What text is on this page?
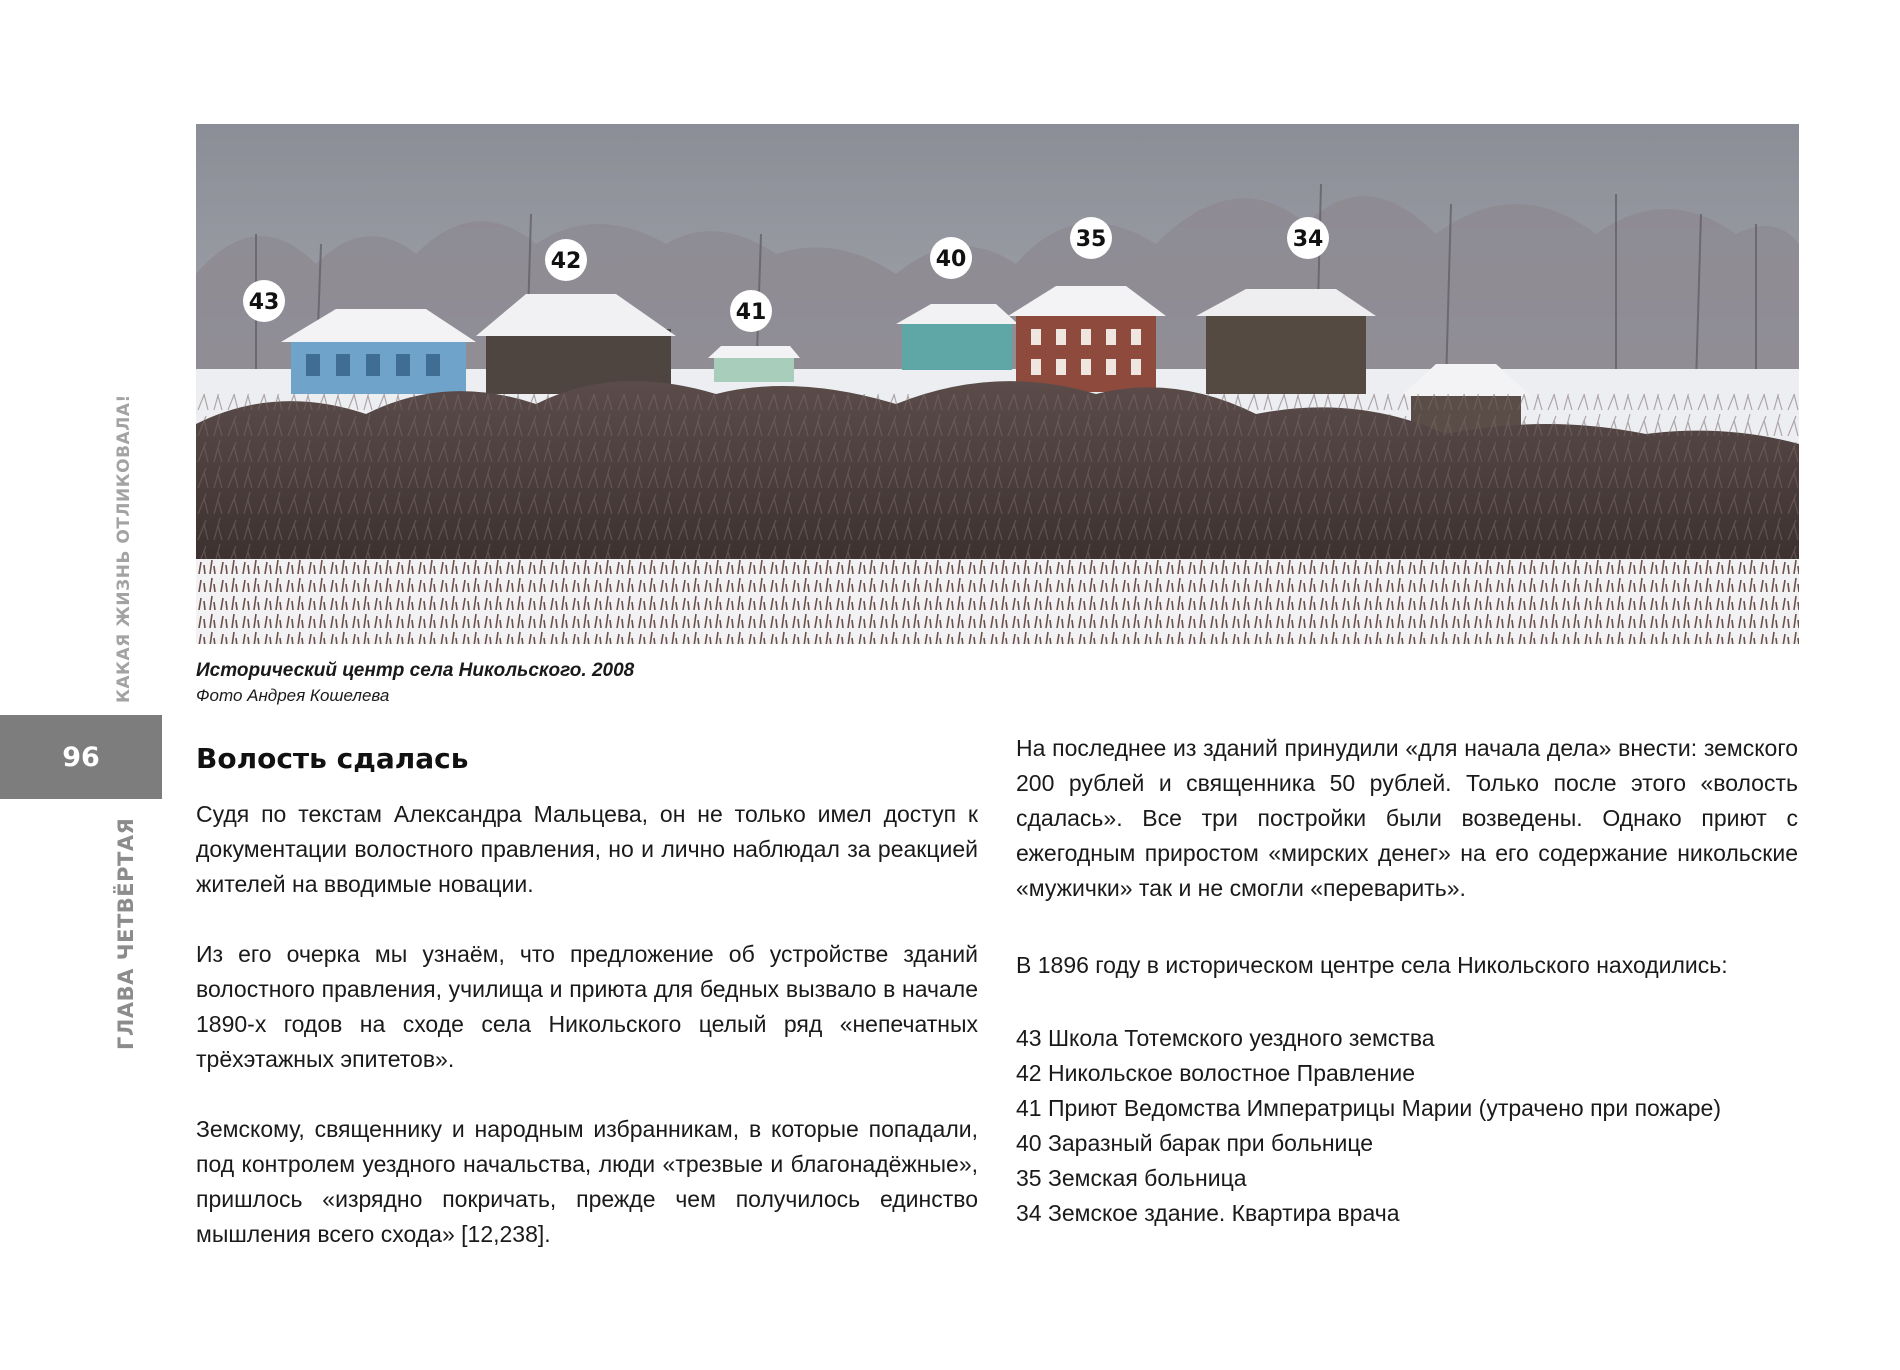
96
КАКАЯ ЖИЗНЬ ОТЛИКОВАЛА!
ГЛАВА ЧЕТВЁРТАЯ
43
42
41
40
35	34
Исторический центр села Никольского. 2008
Фото Андрея Кошелева
Волость сдалась

Судя по текстам Александра Мальцева, он не только имел доступ к документации волостного правления, но и лично наблюдал за реакцией жителей на вводимые новации.

Из его очерка мы узнаём, что предложение об устройстве зданий волостного правления, училища и приюта для бедных вызвало в начале 1890-х годов на сходе села Никольского целый ряд «непечатных трёхэтажных эпитетов».

Земскому, священнику и народным избранникам, в которые попадали, под контролем уездного начальства, люди «трезвые и благонадёжные», пришлось «изрядно покричать, прежде чем получилось единство мышления всего схода» [12,238].

На последнее из зданий принудили «для начала дела» внести: земского 200 рублей и священника 50 рублей. Только после этого «волость сдалась». Все три постройки были возведены. Однако приют с ежегодным приростом «мирских денег» на его содержание никольские «мужички» так и не смогли «переварить».

В 1896 году в историческом центре села Никольского находились:

43 Школа Тотемского уездного земства
42 Никольское волостное Правление
41 Приют Ведомства Императрицы Марии (утрачено при пожаре)
40 Заразный барак при больнице
35 Земская больница
34 Земское здание. Квартира врача
